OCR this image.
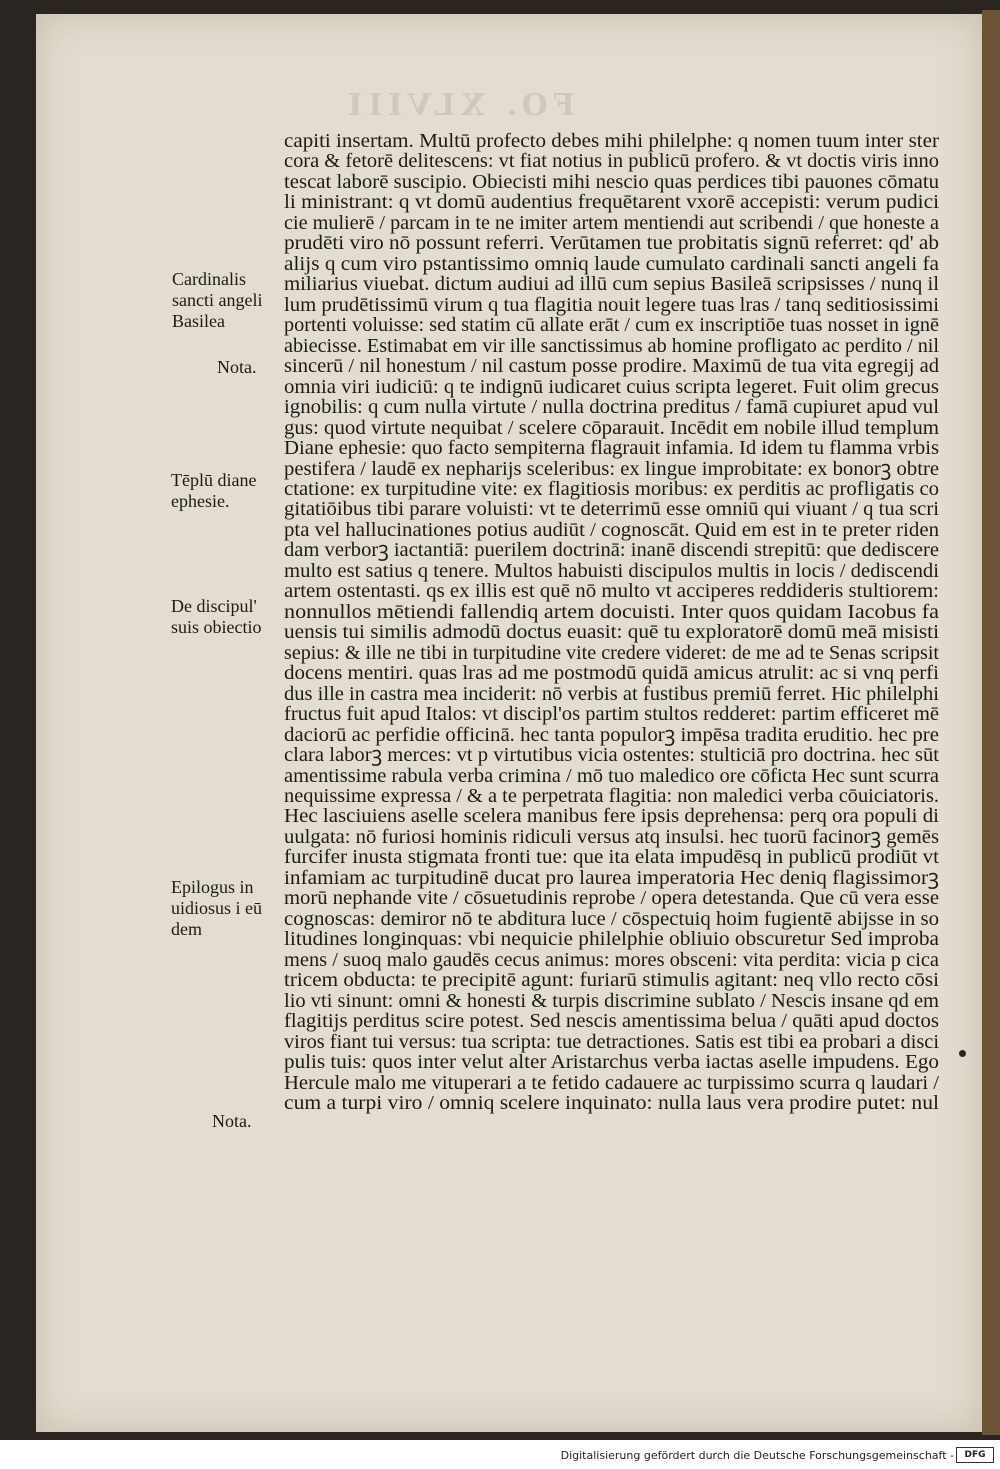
FO. XLVIII
capiti insertam. Multū profecto debes mihi philelphe: q nomen tuum inter ster
cora & fetorē delitescens: vt fiat notius in publicū profero. & vt doctis viris inno
tescat laborē suscipio. Obiecisti mihi nescio quas perdices tibi pauones cōmatu
li ministrant: q vt domū audentius frequētarent vxorē accepisti: verum pudici
cie mulierē / parcam in te ne imiter artem mentiendi aut scribendi / que honeste a
prudēti viro nō possunt referri. Verūtamen tue probitatis signū referret: qd' ab
alijs q cum viro pstantissimo omniq laude cumulato cardinali sancti angeli fa
miliarius viuebat. dictum audiui ad illū cum sepius Basileā scripsisses / nunq il
lum prudētissimū virum q tua flagitia nouit legere tuas lras / tanq seditiosissimi
portenti voluisse: sed statim cū allate erāt / cum ex inscriptiōe tuas nosset in ignē
abiecisse. Estimabat em vir ille sanctissimus ab homine profligato ac perdito / nil
sincerū / nil honestum / nil castum posse prodire. Maximū de tua vita egregij ad
omnia viri iudiciū: q te indignū iudicaret cuius scripta legeret. Fuit olim grecus
ignobilis: q cum nulla virtute / nulla doctrina preditus / famā cupiuret apud vul
gus: quod virtute nequibat / scelere cōparauit. Incēdit em nobile illud templum
Diane ephesie: quo facto sempiterna flagrauit infamia. Id idem tu flamma vrbis
pestifera / laudē ex nepharijs sceleribus: ex lingue improbitate: ex bonorꝫ obtre
ctatione: ex turpitudine vite: ex flagitiosis moribus: ex perditis ac profligatis co
gitatiōibus tibi parare voluisti: vt te deterrimū esse omniū qui viuant / q tua scri
pta vel hallucinationes potius audiūt / cognoscāt. Quid em est in te preter riden
dam verborꝫ iactantiā: puerilem doctrinā: inanē discendi strepitū: que dediscere
multo est satius q tenere. Multos habuisti discipulos multis in locis / dediscendi
artem ostentasti. qs ex illis est quē nō multo vt acciperes reddideris stultiorem:
nonnullos mētiendi fallendiq artem docuisti. Inter quos quidam Iacobus fa
uensis tui similis admodū doctus euasit: quē tu exploratorē domū meā misisti
sepius: & ille ne tibi in turpitudine vite credere videret: de me ad te Senas scripsit
docens mentiri. quas lras ad me postmodū quidā amicus atrulit: ac si vnq perfi
dus ille in castra mea inciderit: nō verbis at fustibus premiū ferret. Hic philelphi
fructus fuit apud Italos: vt discipl'os partim stultos redderet: partim efficeret mē
daciorū ac perfidie officinā. hec tanta populorꝫ impēsa tradita eruditio. hec pre
clara laborꝫ merces: vt p virtutibus vicia ostentes: stulticiā pro doctrina. hec sūt
amentissime rabula verba crimina / mō tuo maledico ore cōficta Hec sunt scurra
nequissime expressa / & a te perpetrata flagitia: non maledici verba cōuiciatoris.
Hec lasciuiens aselle scelera manibus fere ipsis deprehensa: perq ora populi di
uulgata: nō furiosi hominis ridiculi versus atq insulsi. hec tuorū facinorꝫ gemēs
furcifer inusta stigmata fronti tue: que ita elata impudēsq in publicū prodiūt vt
infamiam ac turpitudinē ducat pro laurea imperatoria Hec deniq flagissimorꝫ
morū nephande vite / cōsuetudinis reprobe / opera detestanda. Que cū vera esse
cognoscas: demiror nō te abditura luce / cōspectuiq hoim fugientē abijsse in so
litudines longinquas: vbi nequicie philelphie obliuio obscuretur Sed improba
mens / suoq malo gaudēs cecus animus: mores obsceni: vita perdita: vicia p cica
tricem obducta: te precipitē agunt: furiarū stimulis agitant: neq vllo recto cōsi
lio vti sinunt: omni & honesti & turpis discrimine sublato / Nescis insane qd em
flagitijs perditus scire potest. Sed nescis amentissima belua / quāti apud doctos
viros fiant tui versus: tua scripta: tue detractiones. Satis est tibi ea probari a disci
pulis tuis: quos inter velut alter Aristarchus verba iactas aselle impudens. Ego
Hercule malo me vituperari a te fetido cadauere ac turpissimo scurra q laudari /
cum a turpi viro / omniq scelere inquinato: nulla laus vera prodire putet: nul
Cardinalis
sancti angeli
Basilea
Nota.
Tēplū diane
ephesie.
De discipul'
suis obiectio
Epilogus in
uidiosus i eū
dem
Nota.
Digitalisierung gefördert durch die Deutsche Forschungsgemeinschaft -	DFG
